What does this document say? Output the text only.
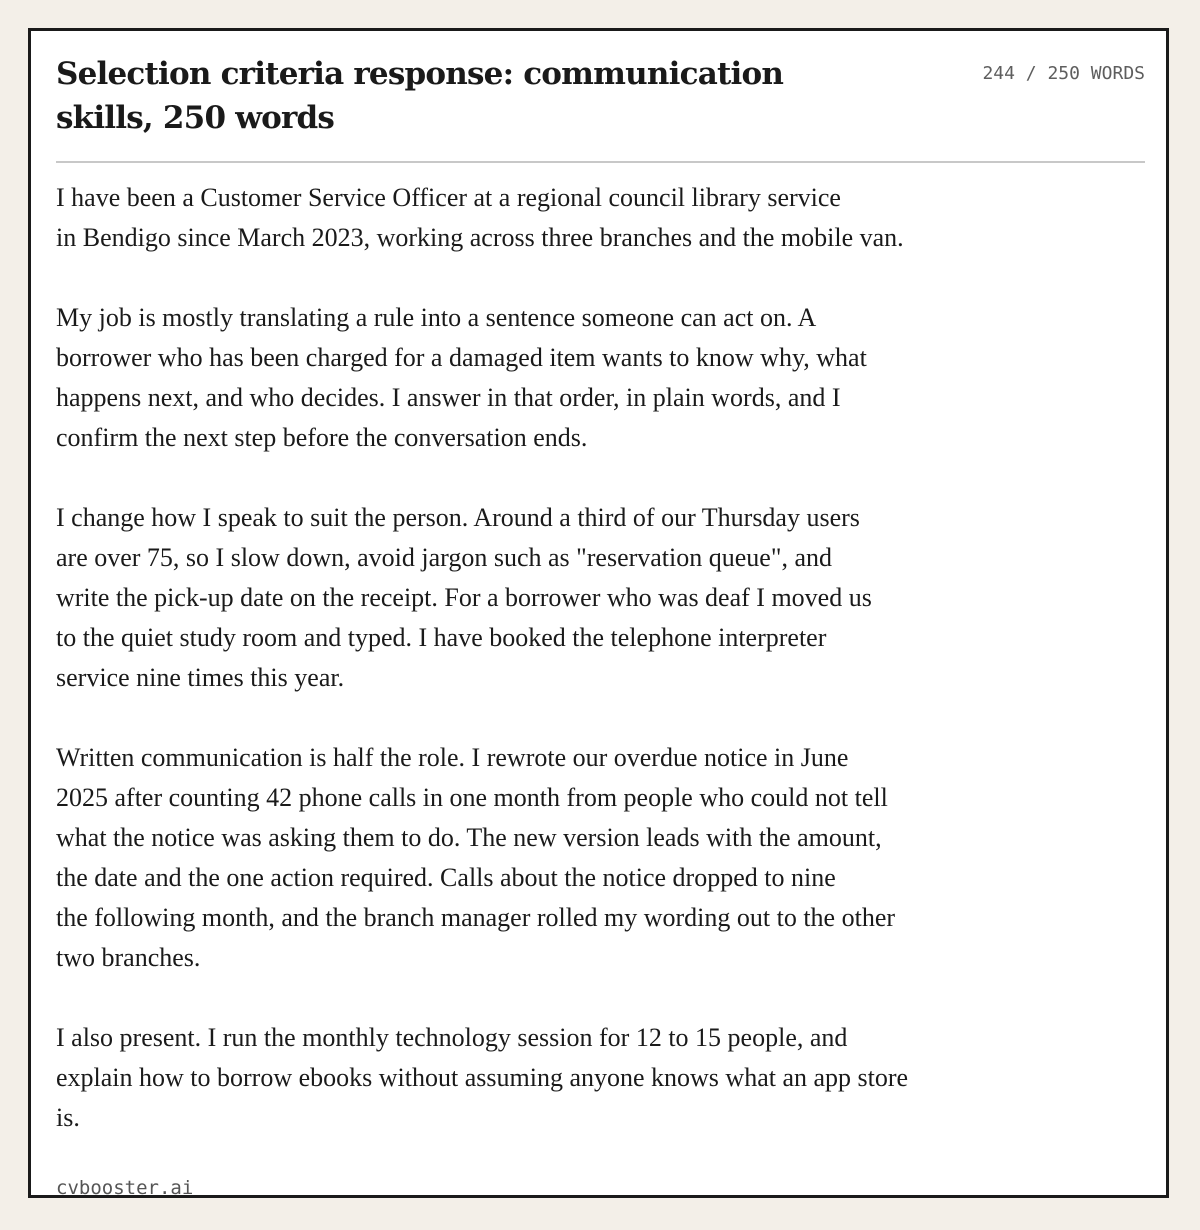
Selection criteria response: communication skills, 250 words
244 / 250 WORDS

I have been a Customer Service Officer at a regional council library service
in Bendigo since March 2023, working across three branches and the mobile van.

My job is mostly translating a rule into a sentence someone can act on. A
borrower who has been charged for a damaged item wants to know why, what
happens next, and who decides. I answer in that order, in plain words, and I
confirm the next step before the conversation ends.

I change how I speak to suit the person. Around a third of our Thursday users
are over 75, so I slow down, avoid jargon such as "reservation queue", and
write the pick-up date on the receipt. For a borrower who was deaf I moved us
to the quiet study room and typed. I have booked the telephone interpreter
service nine times this year.

Written communication is half the role. I rewrote our overdue notice in June
2025 after counting 42 phone calls in one month from people who could not tell
what the notice was asking them to do. The new version leads with the amount,
the date and the one action required. Calls about the notice dropped to nine
the following month, and the branch manager rolled my wording out to the other
two branches.

I also present. I run the monthly technology session for 12 to 15 people, and
explain how to borrow ebooks without assuming anyone knows what an app store
is.

cvbooster.ai
